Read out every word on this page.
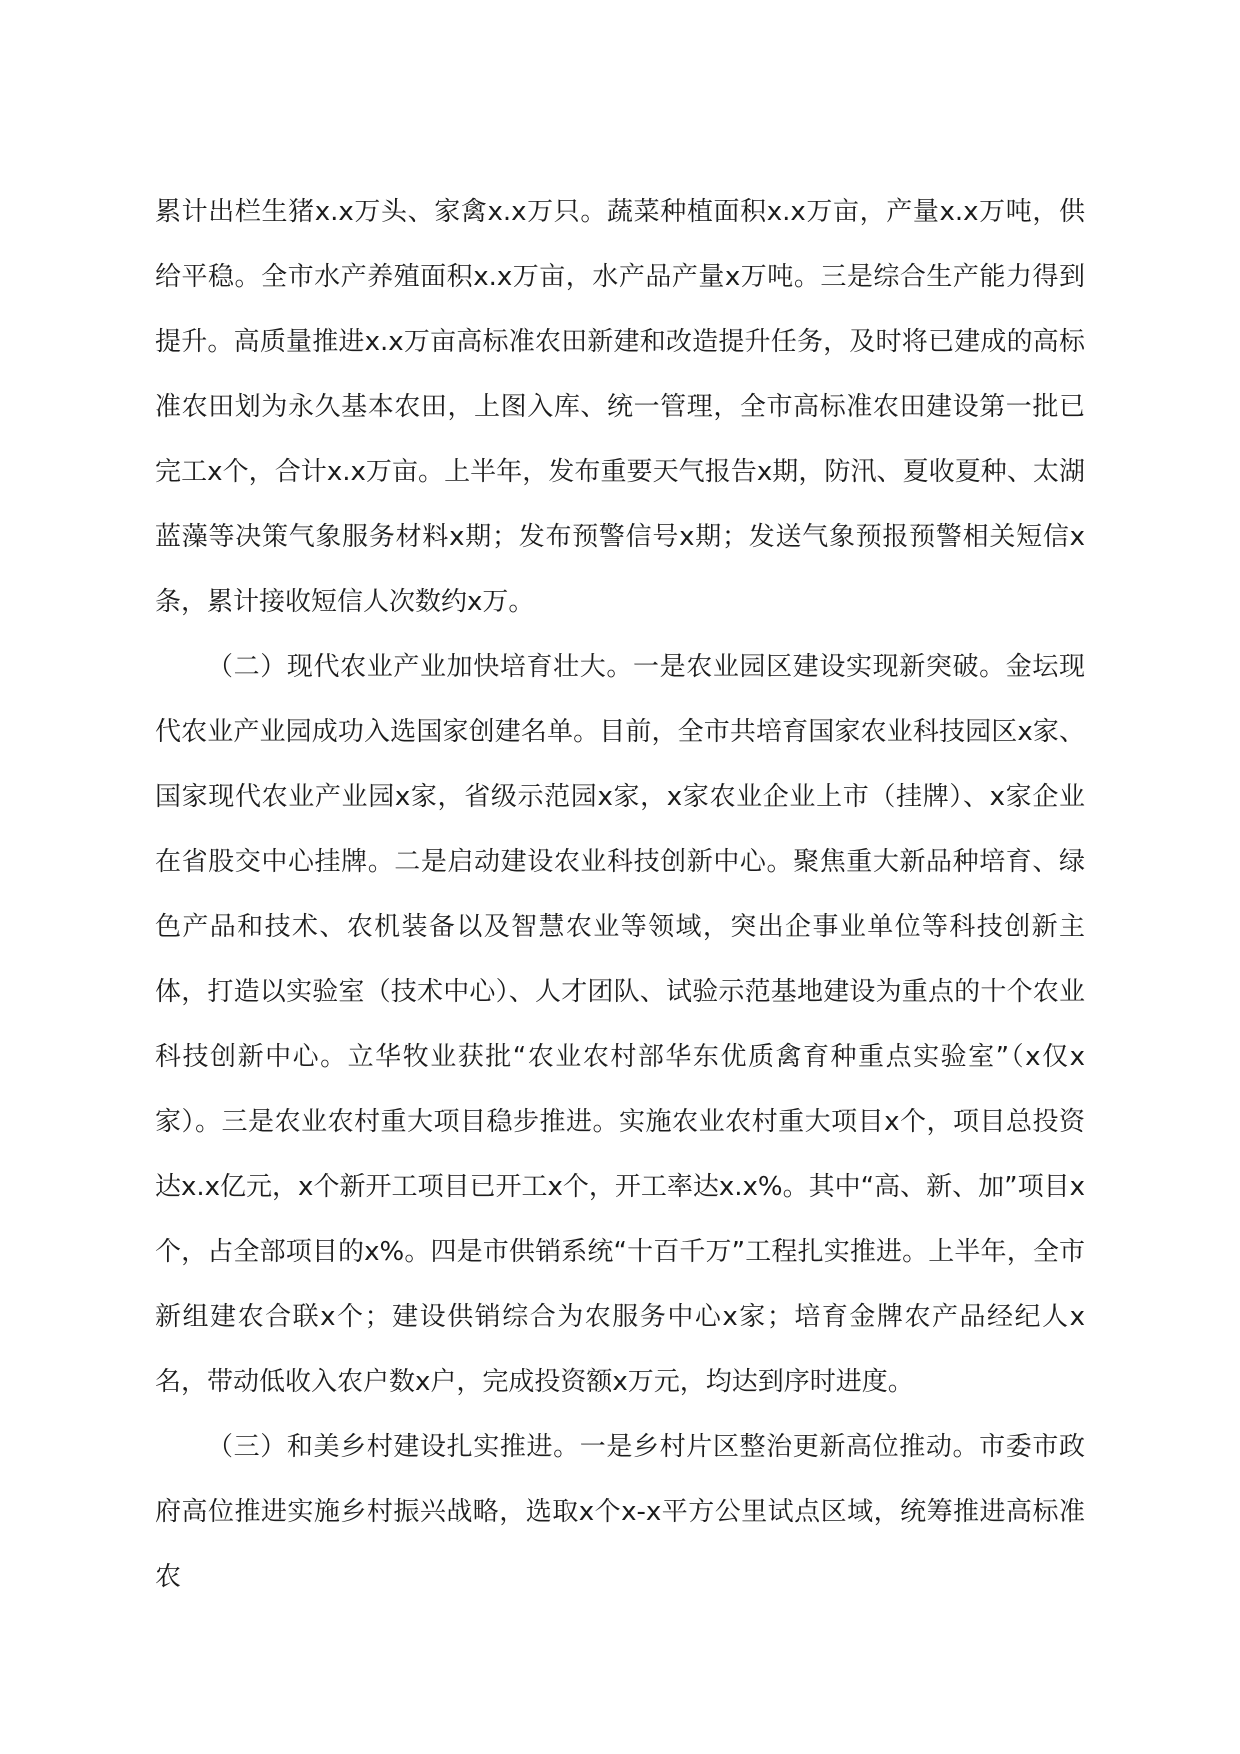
累计出栏生猪x.x万头、家禽x.x万只。蔬菜种植面积x.x万亩，产量x.x万吨，供给平稳。全市水产养殖面积x.x万亩，水产品产量x万吨。三是综合生产能力得到提升。高质量推进x.x万亩高标准农田新建和改造提升任务，及时将已建成的高标准农田划为永久基本农田，上图入库、统一管理，全市高标准农田建设第一批已完工x个，合计x.x万亩。上半年，发布重要天气报告x期，防汛、夏收夏种、太湖蓝藻等决策气象服务材料x期；发布预警信号x期；发送气象预报预警相关短信x条，累计接收短信人次数约x万。

（二）现代农业产业加快培育壮大。一是农业园区建设实现新突破。金坛现代农业产业园成功入选国家创建名单。目前，全市共培育国家农业科技园区x家、国家现代农业产业园x家，省级示范园x家，x家农业企业上市（挂牌）、x家企业在省股交中心挂牌。二是启动建设农业科技创新中心。聚焦重大新品种培育、绿色产品和技术、农机装备以及智慧农业等领域，突出企事业单位等科技创新主体，打造以实验室（技术中心）、人才团队、试验示范基地建设为重点的十个农业科技创新中心。立华牧业获批“农业农村部华东优质禽育种重点实验室”（x仅x家）。三是农业农村重大项目稳步推进。实施农业农村重大项目x个，项目总投资达x.x亿元，x个新开工项目已开工x个，开工率达x.x%。其中“高、新、加”项目x个，占全部项目的x%。四是市供销系统“十百千万”工程扎实推进。上半年，全市新组建农合联x个；建设供销综合为农服务中心x家；培育金牌农产品经纪人x名，带动低收入农户数x户，完成投资额x万元，均达到序时进度。

（三）和美乡村建设扎实推进。一是乡村片区整治更新高位推动。市委市政府高位推进实施乡村振兴战略，选取x个x-x平方公里试点区域，统筹推进高标准农
